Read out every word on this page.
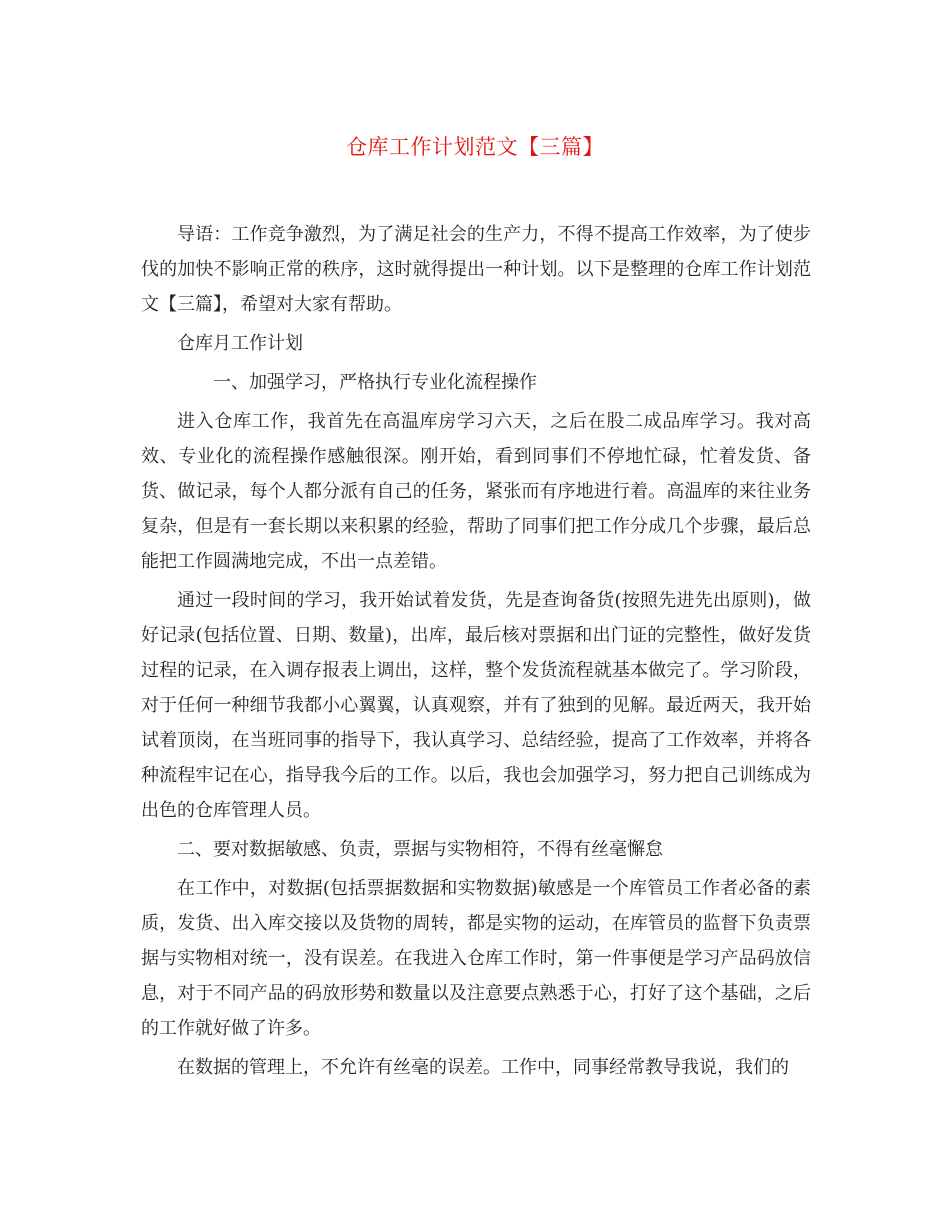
仓库工作计划范文【三篇】

导语：工作竞争激烈，为了满足社会的生产力，不得不提高工作效率，为了使步伐的加快不影响正常的秩序，这时就得提出一种计划。以下是整理的仓库工作计划范文【三篇】，希望对大家有帮助。

仓库月工作计划

一、加强学习，严格执行专业化流程操作

进入仓库工作，我首先在高温库房学习六天，之后在股二成品库学习。我对高效、专业化的流程操作感触很深。刚开始，看到同事们不停地忙碌，忙着发货、备货、做记录，每个人都分派有自己的任务，紧张而有序地进行着。高温库的来往业务复杂，但是有一套长期以来积累的经验，帮助了同事们把工作分成几个步骤，最后总能把工作圆满地完成，不出一点差错。

通过一段时间的学习，我开始试着发货，先是查询备货(按照先进先出原则)，做好记录(包括位置、日期、数量)，出库，最后核对票据和出门证的完整性，做好发货过程的记录，在入调存报表上调出，这样，整个发货流程就基本做完了。学习阶段，对于任何一种细节我都小心翼翼，认真观察，并有了独到的见解。最近两天，我开始试着顶岗，在当班同事的指导下，我认真学习、总结经验，提高了工作效率，并将各种流程牢记在心，指导我今后的工作。以后，我也会加强学习，努力把自己训练成为出色的仓库管理人员。

二、要对数据敏感、负责，票据与实物相符，不得有丝毫懈怠

在工作中，对数据(包括票据数据和实物数据)敏感是一个库管员工作者必备的素质，发货、出入库交接以及货物的周转，都是实物的运动，在库管员的监督下负责票据与实物相对统一，没有误差。在我进入仓库工作时，第一件事便是学习产品码放信息，对于不同产品的码放形势和数量以及注意要点熟悉于心，打好了这个基础，之后的工作就好做了许多。

在数据的管理上，不允许有丝毫的误差。工作中，同事经常教导我说，我们的
